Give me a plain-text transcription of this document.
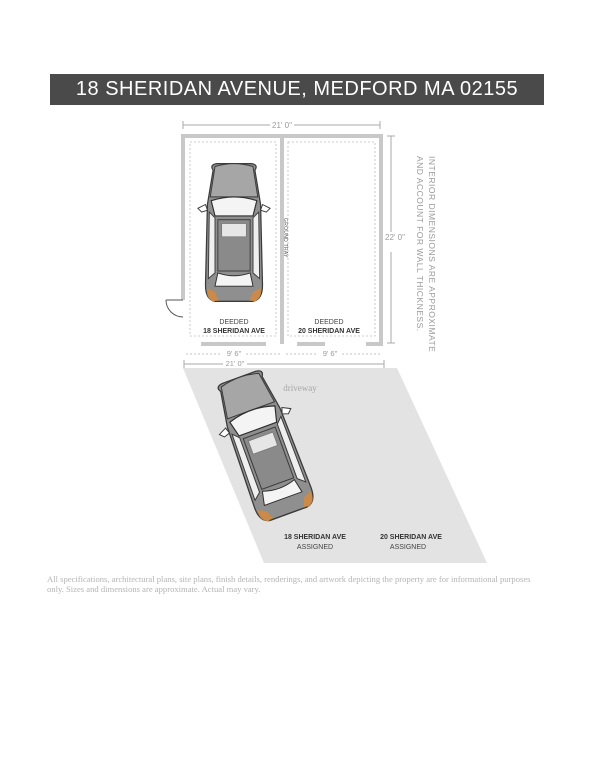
18 SHERIDAN AVENUE, MEDFORD MA 02155
21' 0"
22' 0"	INTERIOR DIMENSIONS ARE APPROXIMATE
AND ACCOUNT FOR WALL THICKNESS.
GROUND TRAY
DEEDED
18 SHERIDAN AVE
DEEDED
20 SHERIDAN AVE
9' 6"	9' 6"
21' 0"
driveway
18 SHERIDAN AVE
ASSIGNED
20 SHERIDAN AVE
ASSIGNED
All specifications, architectural plans, site plans, finish details, renderings, and artwork depicting the property are for informational purposes only. Sizes and dimensions are approximate. Actual may vary.
